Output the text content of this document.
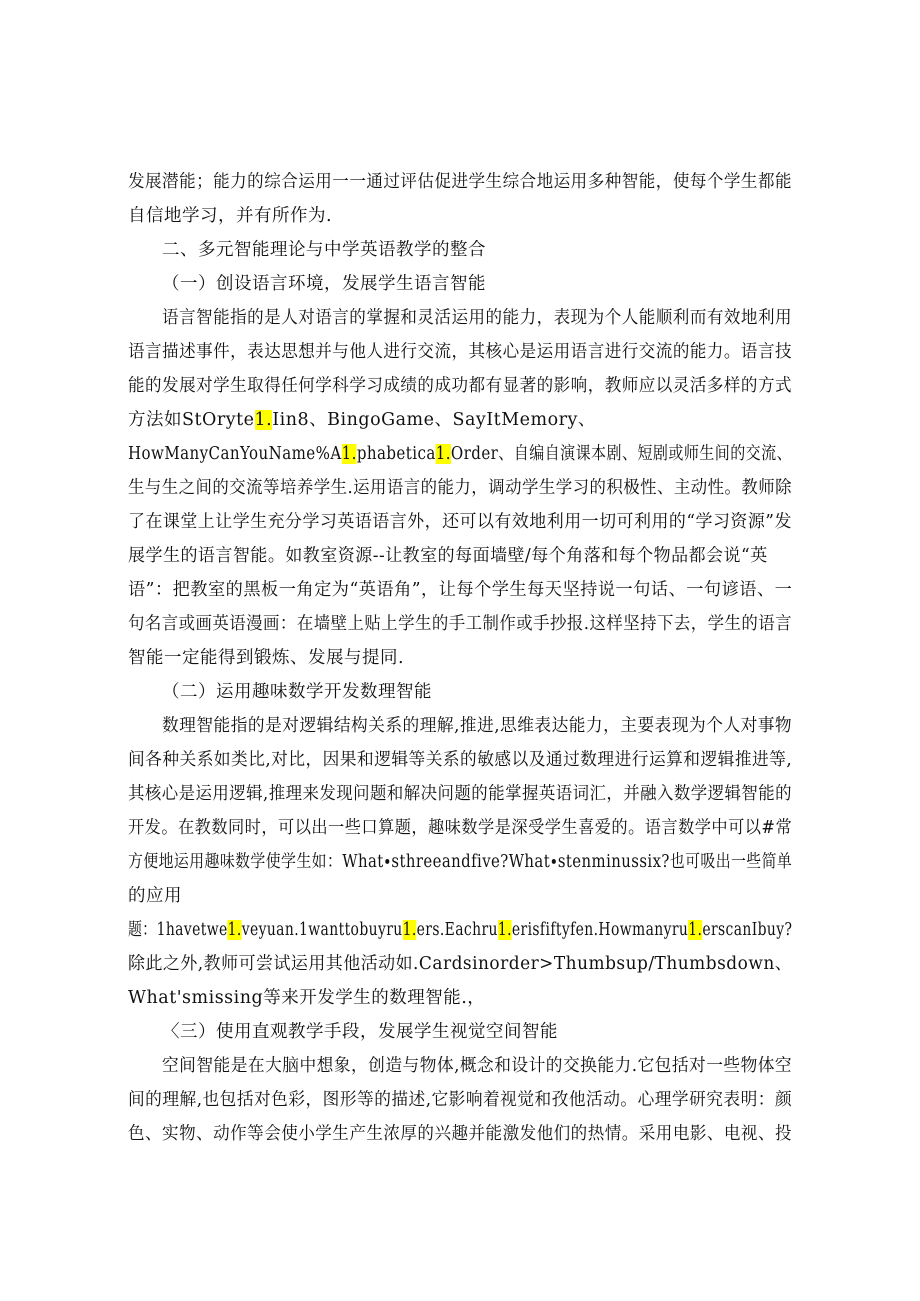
发展潜能；能力的综合运用一一通过评估促进学生综合地运用多种智能，使每个学生都能
自信地学习，并有所作为.
二、多元智能理论与中学英语教学的整合
（一）创设语言环境，发展学生语言智能
语言智能指的是人对语言的掌握和灵活运用的能力，表现为个人能顺利而有效地利用
语言描述事件，表达思想并与他人进行交流，其核心是运用语言进行交流的能力。语言技
能的发展对学生取得任何学科学习成绩的成功都有显著的影响，教师应以灵活多样的方式
方法如StOryte1.Iin8、BingoGame、SayItMemory、
HowManyCanYouName%A1.phabetica1.Order、自编自演课本剧、短剧或师生间的交流、
生与生之间的交流等培养学生.运用语言的能力，调动学生学习的积极性、主动性。教师除
了在课堂上让学生充分学习英语语言外，还可以有效地利用一切可利用的“学习资源”发
展学生的语言智能。如教室资源--让教室的每面墙壁/每个角落和每个物品都会说“英
语”：把教室的黑板一角定为“英语角”，让每个学生每天坚持说一句话、一句谚语、一
句名言或画英语漫画：在墙壁上贴上学生的手工制作或手抄报.这样坚持下去，学生的语言
智能一定能得到锻炼、发展与提同.
（二）运用趣味数学开发数理智能
数理智能指的是对逻辑结构关系的理解,推进,思维表达能力，主要表现为个人对事物
间各种关系如类比,对比，因果和逻辑等关系的敏感以及通过数理进行运算和逻辑推进等,
其核心是运用逻辑,推理来发现问题和解决问题的能掌握英语词汇，并融入数学逻辑智能的
开发。在教数同时，可以出一些口算题，趣味数学是深受学生喜爱的。语言数学中可以#常
方便地运用趣味数学使学生如：What∙sthreeandfive?What∙stenminussix?也可吸出一些简单
的应用
题：1havetwe1.veyuan.1wanttobuyru1.ers.Eachru1.erisfiftyfen.Howmanyru1.erscanIbuy?
除此之外,教师可尝试运用其他活动如.Cardsinorder>Thumbsup/Thumbsdown、
What'smissing等来开发学生的数理智能.，
〈三）使用直观教学手段，发展学生视觉空间智能
空间智能是在大脑中想象，创造与物体,概念和设计的交换能力.它包括对一些物体空
间的理解,也包括对色彩，图形等的描述,它影响着视觉和孜他活动。心理学研究表明：颜
色、实物、动作等会使小学生产生浓厚的兴趣并能激发他们的热情。采用电影、电视、投
